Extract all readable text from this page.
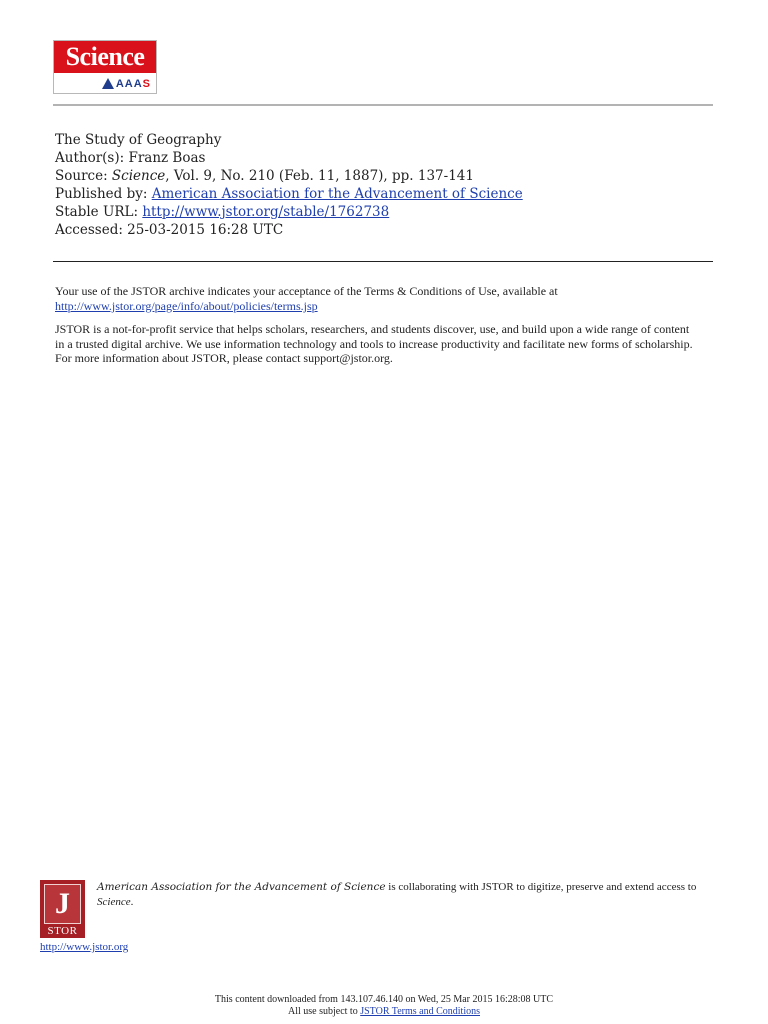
Science
AAAS
The Study of Geography
Author(s): Franz Boas
Source: Science, Vol. 9, No. 210 (Feb. 11, 1887), pp. 137-141
Published by: American Association for the Advancement of Science
Stable URL: http://www.jstor.org/stable/1762738
Accessed: 25-03-2015 16:28 UTC

Your use of the JSTOR archive indicates your acceptance of the Terms & Conditions of Use, available at
http://www.jstor.org/page/info/about/policies/terms.jsp

JSTOR is a not-for-profit service that helps scholars, researchers, and students discover, use, and build upon a wide range of content
in a trusted digital archive. We use information technology and tools to increase productivity and facilitate new forms of scholarship.
For more information about JSTOR, please contact support@jstor.org.

J
STOR
American Association for the Advancement of Science is collaborating with JSTOR to digitize, preserve and extend access to
Science.
http://www.jstor.org
This content downloaded from 143.107.46.140 on Wed, 25 Mar 2015 16:28:08 UTC
All use subject to JSTOR Terms and Conditions
